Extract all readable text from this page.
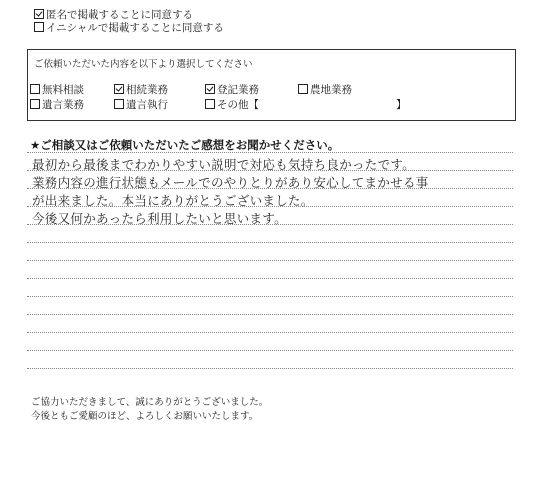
匿名で掲載することに同意する
イニシャルで掲載することに同意する
ご依頼いただいた内容を以下より選択してください
無料相談	相続業務	登記業務	農地業務
遺言業務	遺言執行	その他【	】
★ご相談又はご依頼いただいたご感想をお聞かせください。
最初から最後までわかりやすい説明で対応も気持ち良かったです。
業務内容の進行状態もメールでのやりとりがあり安心してまかせる事
が出来ました。本当にありがとうございました。
今後又何かあったら利用したいと思います。
ご協力いただきまして、誠にありがとうございました。
今後ともご愛顧のほど、よろしくお願いいたします。
